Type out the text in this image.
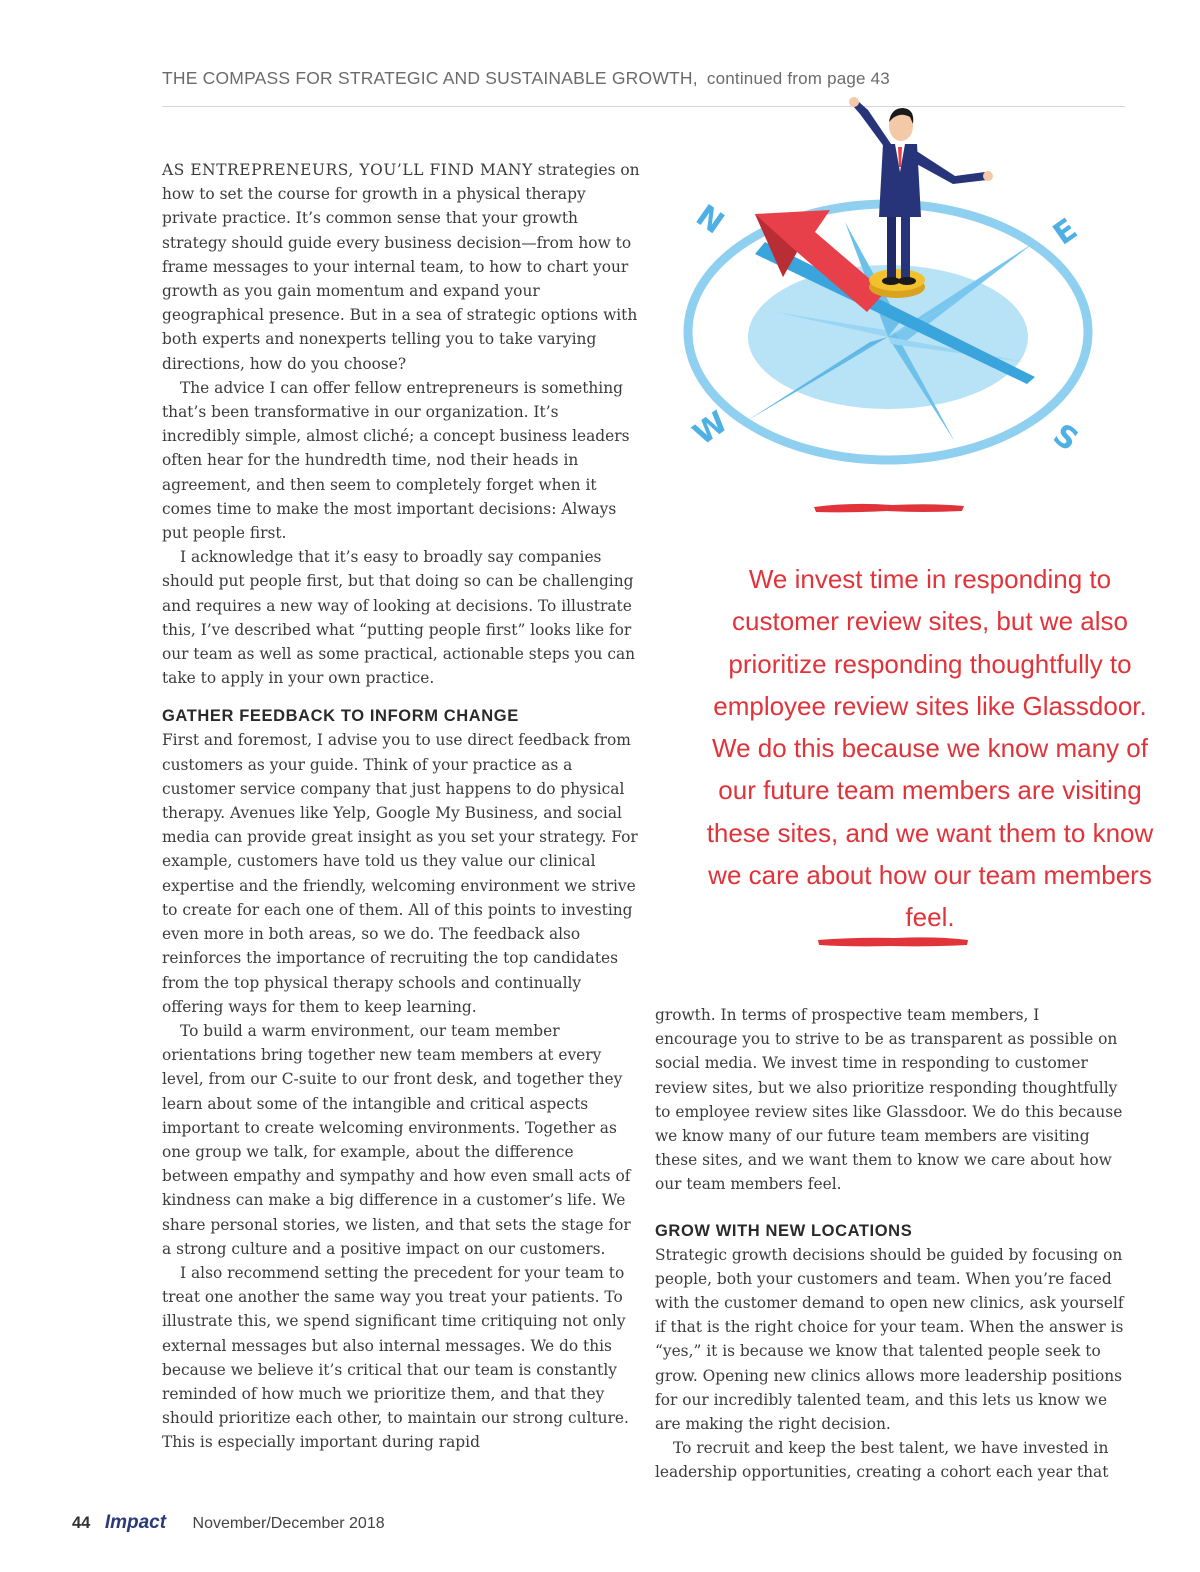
THE COMPASS FOR STRATEGIC AND SUSTAINABLE GROWTH, continued from page 43

AS ENTREPRENEURS, YOU’LL FIND MANY strategies on how to set the course for growth in a physical therapy private practice. It’s common sense that your growth strategy should guide every business decision—from how to frame messages to your internal team, to how to chart your growth as you gain momentum and expand your geographical presence. But in a sea of strategic options with both experts and nonexperts telling you to take varying directions, how do you choose?

The advice I can offer fellow entrepreneurs is something that’s been transformative in our organization. It’s incredibly simple, almost cliché; a concept business leaders often hear for the hundredth time, nod their heads in agreement, and then seem to completely forget when it comes time to make the most important decisions: Always put people first.

I acknowledge that it’s easy to broadly say companies should put people first, but that doing so can be challenging and requires a new way of looking at decisions. To illustrate this, I’ve described what “putting people first” looks like for our team as well as some practical, actionable steps you can take to apply in your own practice.

GATHER FEEDBACK TO INFORM CHANGE

First and foremost, I advise you to use direct feedback from customers as your guide. Think of your practice as a customer service company that just happens to do physical therapy. Avenues like Yelp, Google My Business, and social media can provide great insight as you set your strategy. For example, customers have told us they value our clinical expertise and the friendly, welcoming environment we strive to create for each one of them. All of this points to investing even more in both areas, so we do. The feedback also reinforces the importance of recruiting the top candidates from the top physical therapy schools and continually offering ways for them to keep learning.

To build a warm environment, our team member orientations bring together new team members at every level, from our C-suite to our front desk, and together they learn about some of the intangible and critical aspects important to create welcoming environments. Together as one group we talk, for example, about the difference between empathy and sympathy and how even small acts of kindness can make a big difference in a customer’s life. We share personal stories, we listen, and that sets the stage for a strong culture and a positive impact on our customers.

I also recommend setting the precedent for your team to treat one another the same way you treat your patients. To illustrate this, we spend significant time critiquing not only external messages but also internal messages. We do this because we believe it’s critical that our team is constantly reminded of how much we prioritize them, and that they should prioritize each other, to maintain our strong culture. This is especially important during rapid

N	E
W	S
We invest time in responding to customer review sites, but we also prioritize responding thoughtfully to employee review sites like Glassdoor. We do this because we know many of our future team members are visiting these sites, and we want them to know we care about how our team members feel.

growth. In terms of prospective team members, I encourage you to strive to be as transparent as possible on social media. We invest time in responding to customer review sites, but we also prioritize responding thoughtfully to employee review sites like Glassdoor. We do this because we know many of our future team members are visiting these sites, and we want them to know we care about how our team members feel.

GROW WITH NEW LOCATIONS

Strategic growth decisions should be guided by focusing on people, both your customers and team. When you’re faced with the customer demand to open new clinics, ask yourself if that is the right choice for your team. When the answer is “yes,” it is because we know that talented people seek to grow. Opening new clinics allows more leadership positions for our incredibly talented team, and this lets us know we are making the right decision.

To recruit and keep the best talent, we have invested in leadership opportunities, creating a cohort each year that

44 Impact November/December 2018
